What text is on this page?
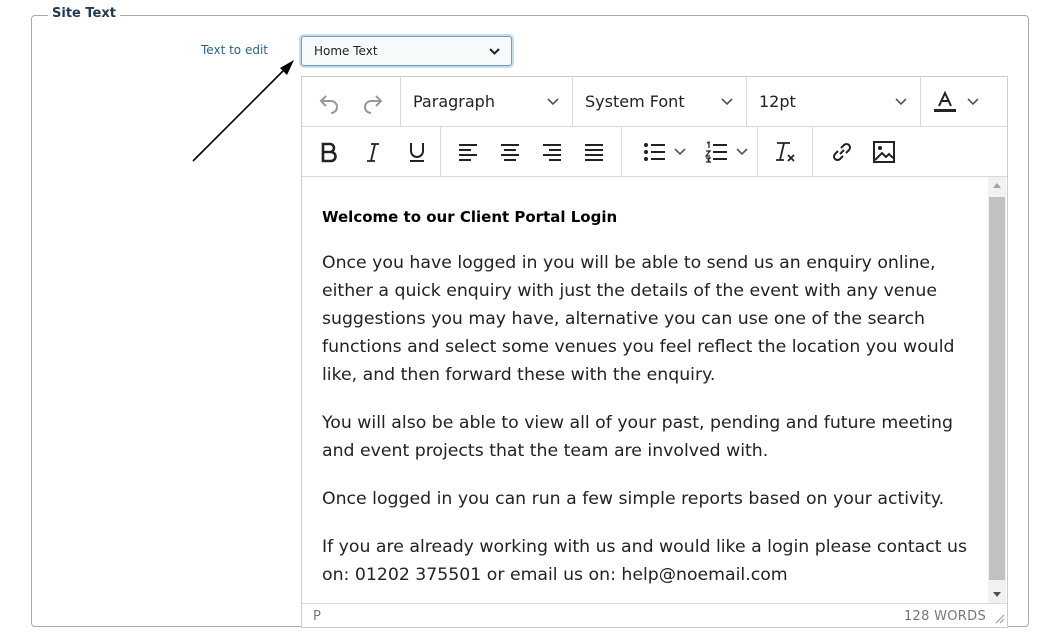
Site Text
Text to edit	Home Text
Paragraph	System Font	12pt
Welcome to our Client Portal Login

Once you have logged in you will be able to send us an enquiry online, either a quick enquiry with just the details of the event with any venue suggestions you may have, alternative you can use one of the search functions and select some venues you feel reflect the location you would like, and then forward these with the enquiry.

You will also be able to view all of your past, pending and future meeting and event projects that the team are involved with.

Once logged in you can run a few simple reports based on your activity.

If you are already working with us and would like a login please contact us on: 01202 375501 or email us on: help@noemail.com

P	128 WORDS
